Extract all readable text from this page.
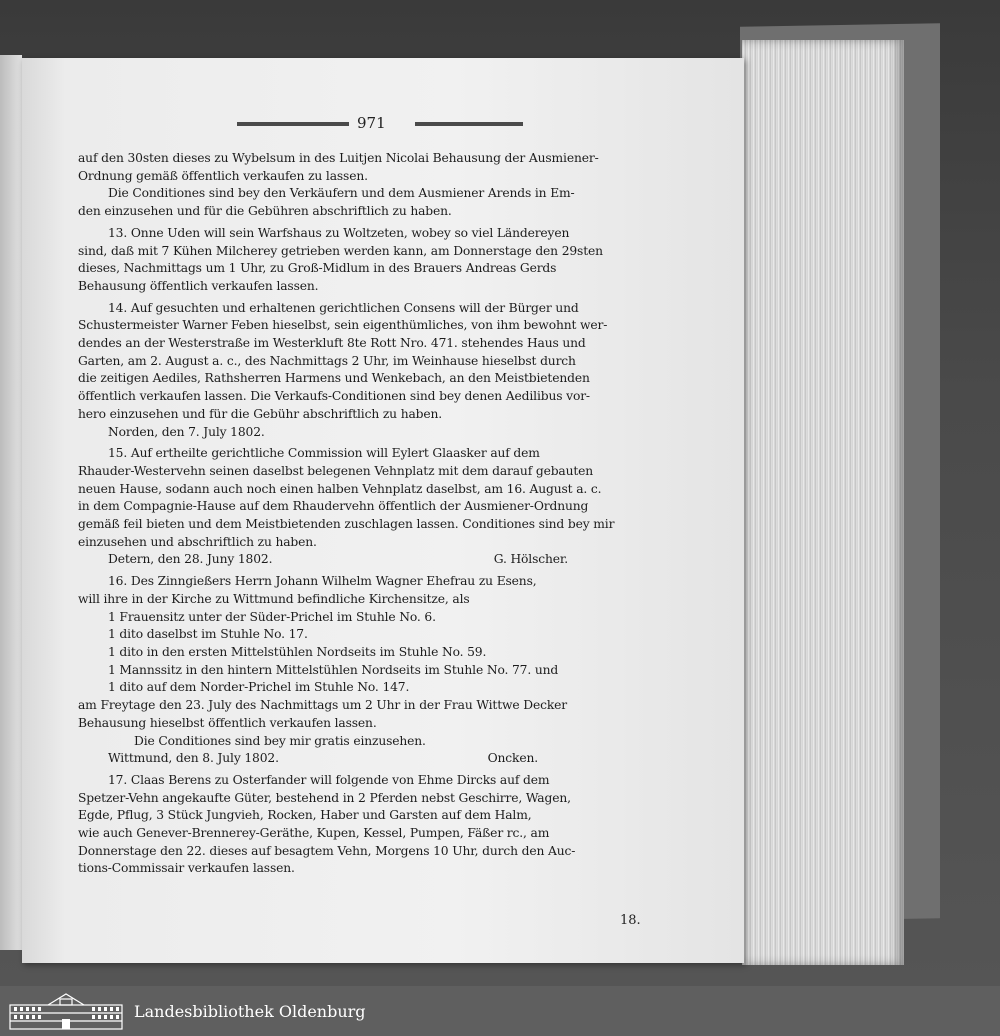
971
auf den 30sten dieses zu Wybelsum in des Luitjen Nicolai Behausung der Ausmiener-
Ordnung gemäß öffentlich verkaufen zu lassen.
Die Conditiones sind bey den Verkäufern und dem Ausmiener Arends in Em-
den einzusehen und für die Gebühren abschriftlich zu haben.
13. Onne Uden will sein Warfshaus zu Woltzeten, wobey so viel Ländereyen
sind, daß mit 7 Kühen Milcherey getrieben werden kann, am Donnerstage den 29sten
dieses, Nachmittags um 1 Uhr, zu Groß-Midlum in des Brauers Andreas Gerds
Behausung öffentlich verkaufen lassen.
14. Auf gesuchten und erhaltenen gerichtlichen Consens will der Bürger und
Schustermeister Warner Feben hieselbst, sein eigenthümliches, von ihm bewohnt wer-
dendes an der Westerstraße im Westerkluft 8te Rott Nro. 471. stehendes Haus und
Garten, am 2. August a. c., des Nachmittags 2 Uhr, im Weinhause hieselbst durch
die zeitigen Aediles, Rathsherren Harmens und Wenkebach, an den Meistbietenden
öffentlich verkaufen lassen. Die Verkaufs-Conditionen sind bey denen Aedilibus vor-
hero einzusehen und für die Gebühr abschriftlich zu haben.
Norden, den 7. July 1802.
15. Auf ertheilte gerichtliche Commission will Eylert Glaasker auf dem
Rhauder-Westervehn seinen daselbst belegenen Vehnplatz mit dem darauf gebauten
neuen Hause, sodann auch noch einen halben Vehnplatz daselbst, am 16. August a. c.
in dem Compagnie-Hause auf dem Rhaudervehn öffentlich der Ausmiener-Ordnung
gemäß feil bieten und dem Meistbietenden zuschlagen lassen. Conditiones sind bey mir
einzusehen und abschriftlich zu haben.
Detern, den 28. Juny 1802.	G. Hölscher.
16. Des Zinngießers Herrn Johann Wilhelm Wagner Ehefrau zu Esens,
will ihre in der Kirche zu Wittmund befindliche Kirchensitze, als
1 Frauensitz unter der Süder-Prichel im Stuhle No. 6.
1 dito daselbst im Stuhle No. 17.
1 dito in den ersten Mittelstühlen Nordseits im Stuhle No. 59.
1 Mannssitz in den hintern Mittelstühlen Nordseits im Stuhle No. 77. und
1 dito auf dem Norder-Prichel im Stuhle No. 147.
am Freytage den 23. July des Nachmittags um 2 Uhr in der Frau Wittwe Decker
Behausung hieselbst öffentlich verkaufen lassen.
Die Conditiones sind bey mir gratis einzusehen.
Wittmund, den 8. July 1802.	Oncken.
17. Claas Berens zu Osterfander will folgende von Ehme Dircks auf dem
Spetzer-Vehn angekaufte Güter, bestehend in 2 Pferden nebst Geschirre, Wagen,
Egde, Pflug, 3 Stück Jungvieh, Rocken, Haber und Garsten auf dem Halm,
wie auch Genever-Brennerey-Geräthe, Kupen, Kessel, Pumpen, Fäßer rc., am
Donnerstage den 22. dieses auf besagtem Vehn, Morgens 10 Uhr, durch den Auc-
tions-Commissair verkaufen lassen.
18.
Landesbibliothek Oldenburg
